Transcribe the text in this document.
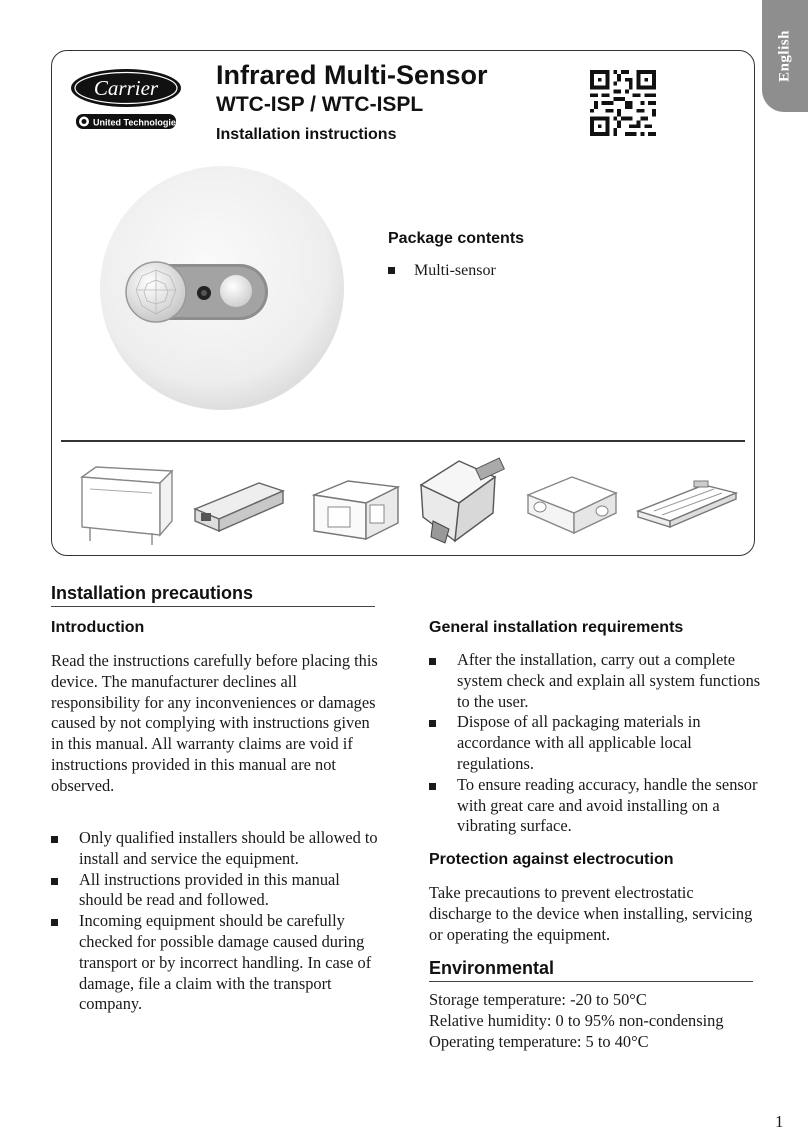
English
Carrier
United Technologies
Infrared Multi-Sensor
WTC-ISP / WTC-ISPL
Installation instructions
Package contents
Multi-sensor
Installation precautions
Introduction
Read the instructions carefully before placing this device. The manufacturer declines all responsibility for any inconveniences or damages caused by not complying with instructions given in this manual. All warranty claims are void if instructions provided in this manual are not observed.
Only qualified installers should be allowed to install and service the equipment.
All instructions provided in this manual should be read and followed.
Incoming equipment should be carefully checked for possible damage caused during transport or by incorrect handling. In case of damage, file a claim with the transport company.
General installation requirements
After the installation, carry out a complete system check and explain all system functions to the user.
Dispose of all packaging materials in accordance with all applicable local regulations.
To ensure reading accuracy, handle the sensor with great care and avoid installing on a vibrating surface.
Protection against electrocution
Take precautions to prevent electrostatic discharge to the device when installing, servicing or operating the equipment.
Environmental
Storage temperature: -20 to 50°C
Relative humidity: 0 to 95% non-condensing
Operating temperature: 5 to 40°C
1
